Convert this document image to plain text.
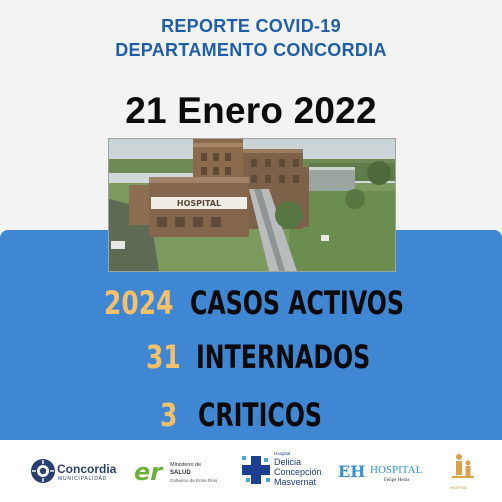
REPORTE COVID-19
DEPARTAMENTO CONCORDIA
21 Enero 2022
HOSPITAL
2024 CASOS ACTIVOS
31 INTERNADOS
3 CRITICOS
Concordia
MUNICIPALIDAD er	Ministerio de
SALUD
Gobierno de Entre Ríos
Hospital
Delicia
Concepción
Masvernat
EH HOSPITAL
Felipe Heras
HOSPITAL
